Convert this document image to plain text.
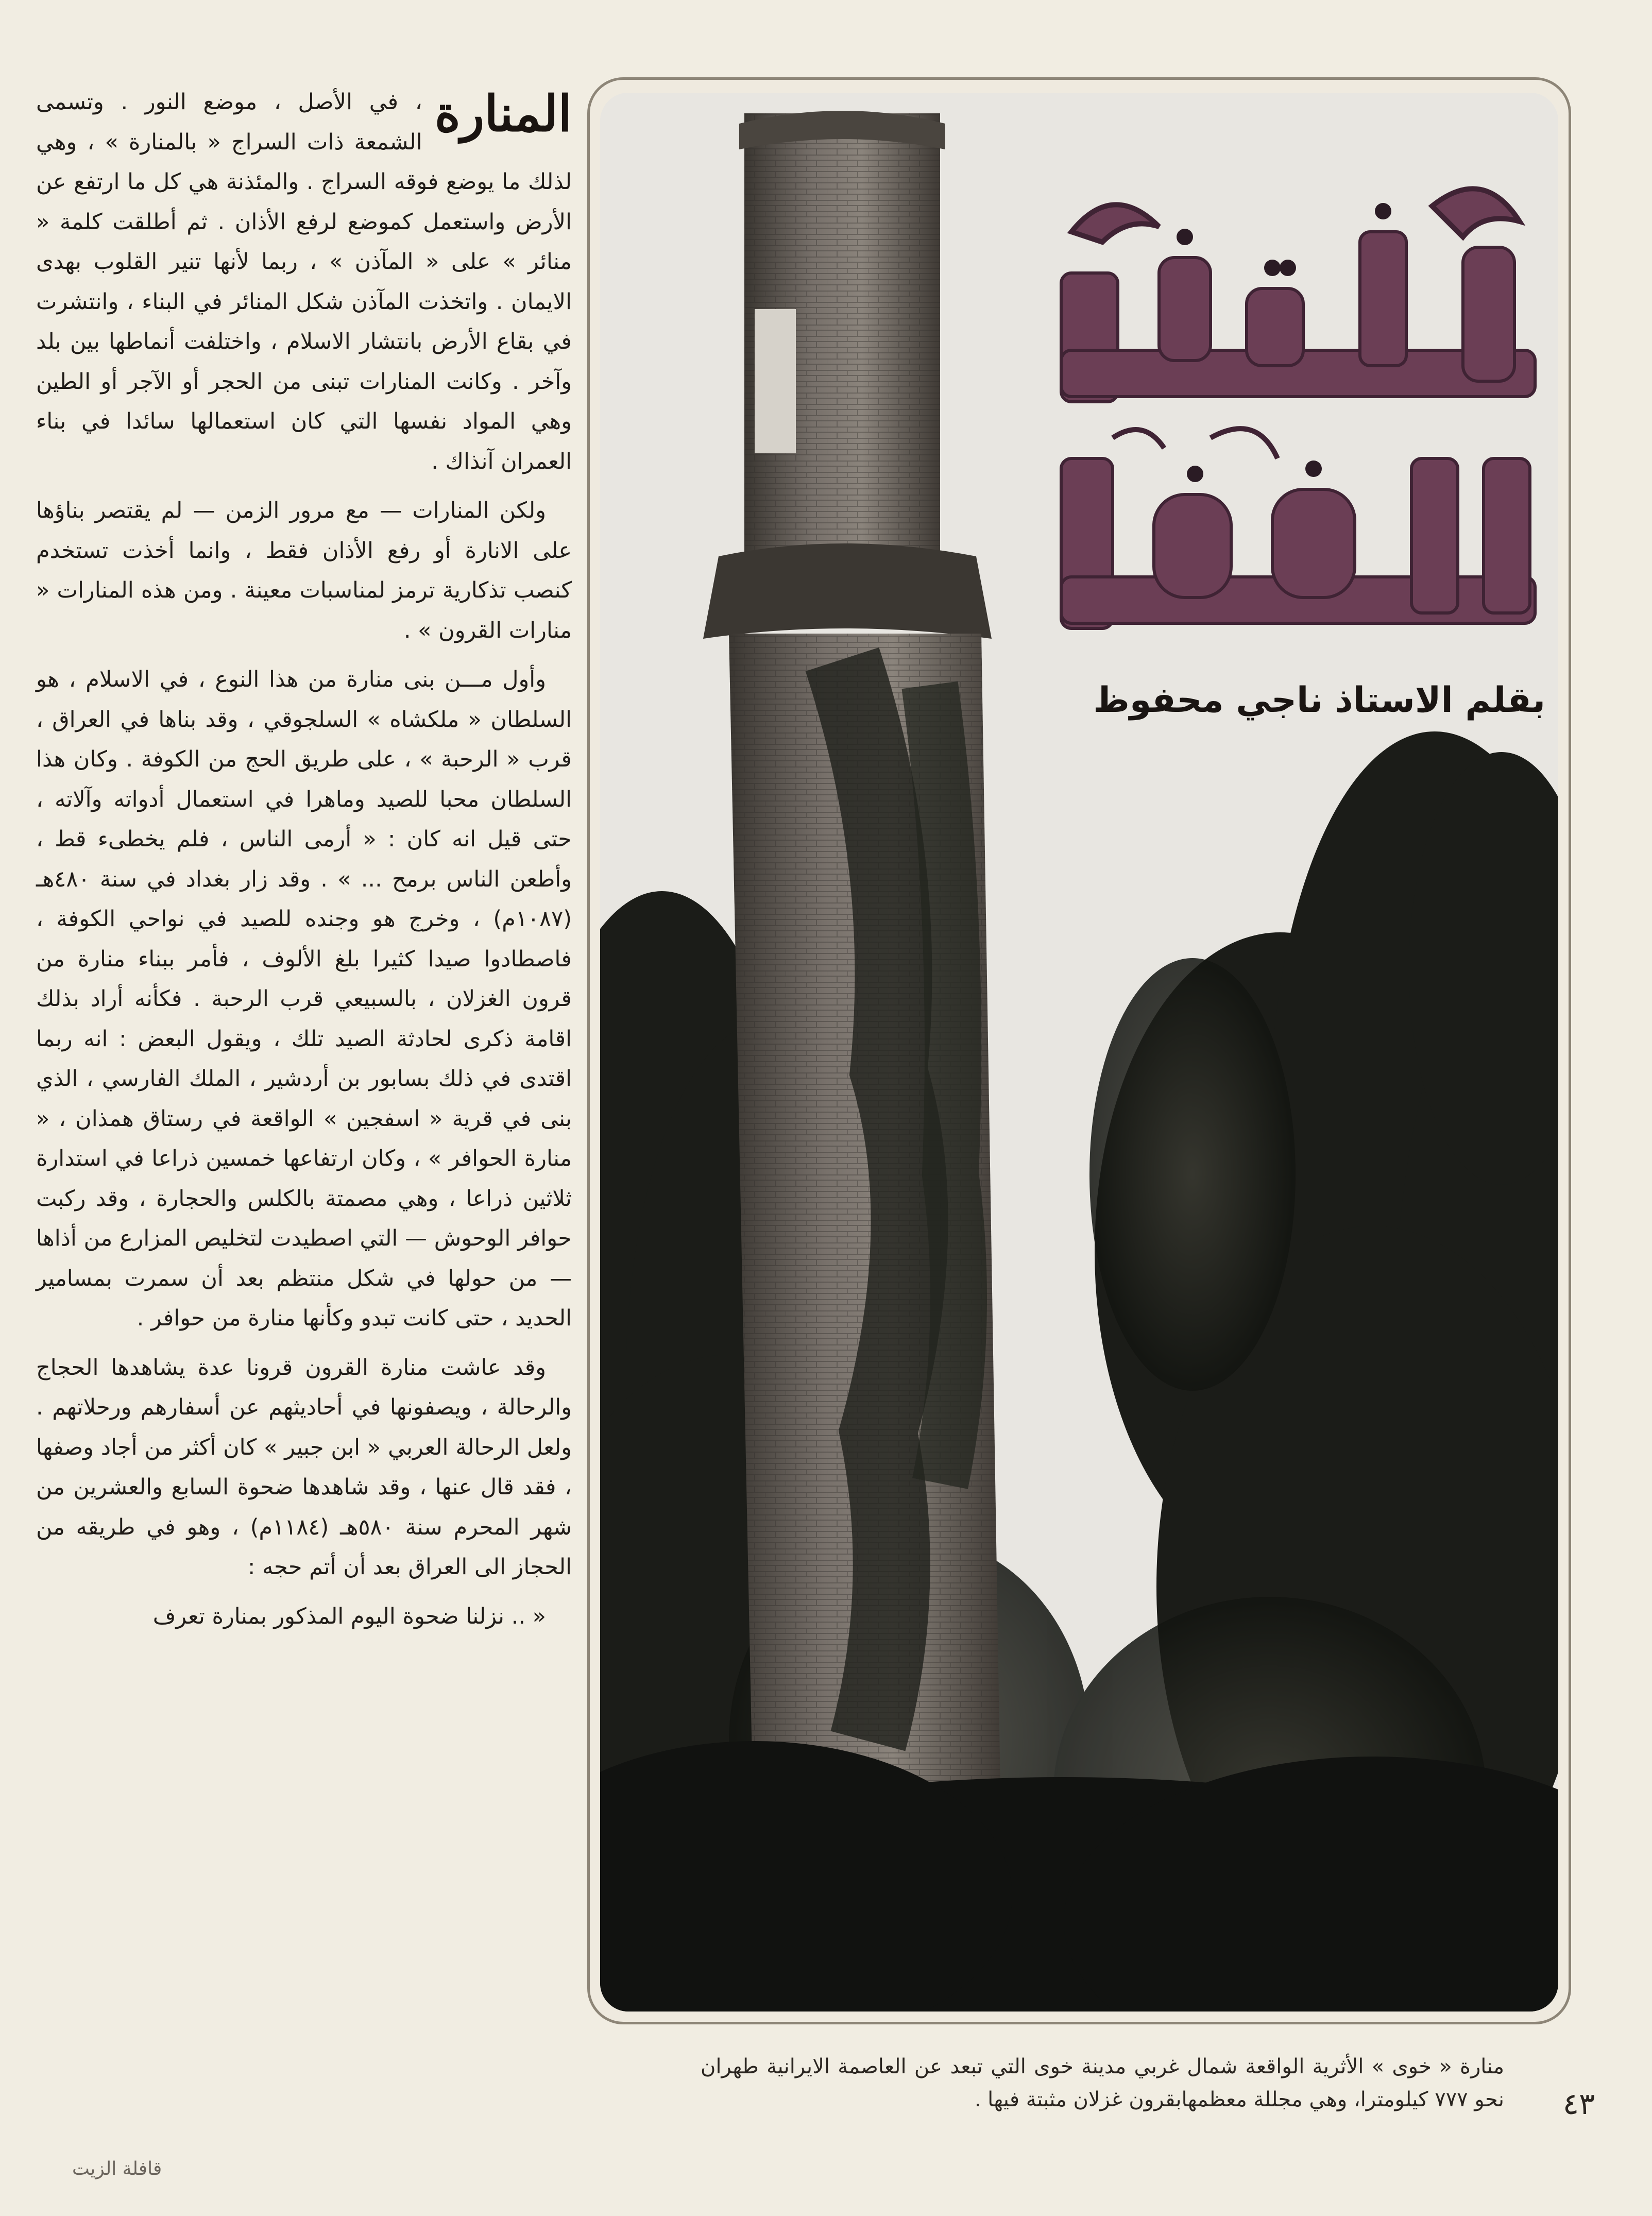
المنارة

، في الأصل ، موضع النور . وتسمى الشمعة ذات السراج « بالمنارة » ، وهي لذلك ما يوضع فوقه السراج . والمئذنة هي كل ما ارتفع عن الأرض واستعمل كموضع لرفع الأذان . ثم أطلقت كلمة « منائر » على « المآذن » ، ربما لأنها تنير القلوب بهدى الايمان . واتخذت المآذن شكل المنائر في البناء ، وانتشرت في بقاع الأرض بانتشار الاسلام ، واختلفت أنماطها بين بلد وآخر . وكانت المنارات تبنى من الحجر أو الآجر أو الطين وهي المواد نفسها التي كان استعمالها سائدا في بناء العمران آنذاك .

ولكن المنارات — مع مرور الزمن — لم يقتصر بناؤها على الانارة أو رفع الأذان فقط ، وانما أخذت تستخدم كنصب تذكارية ترمز لمناسبات معينة . ومن هذه المنارات « منارات القرون » .

وأول مـــن بنى منارة من هذا النوع ، في الاسلام ، هو السلطان « ملكشاه » السلجوقي ، وقد بناها في العراق ، قرب « الرحبة » ، على طريق الحج من الكوفة . وكان هذا السلطان محبا للصيد وماهرا في استعمال أدواته وآلاته ، حتى قيل انه كان : « أرمى الناس ، فلم يخطىء قط ، وأطعن الناس برمح ... » . وقد زار بغداد في سنة ٤٨٠هـ (١٠٨٧م) ، وخرج هو وجنده للصيد في نواحي الكوفة ، فاصطادوا صيدا كثيرا بلغ الألوف ، فأمر ببناء منارة من قرون الغزلان ، بالسبيعي قرب الرحبة . فكأنه أراد بذلك اقامة ذكرى لحادثة الصيد تلك ، ويقول البعض : انه ربما اقتدى في ذلك بسابور بن أردشير ، الملك الفارسي ، الذي بنى في قرية « اسفجين » الواقعة في رستاق همذان ، « منارة الحوافر » ، وكان ارتفاعها خمسين ذراعا في استدارة ثلاثين ذراعا ، وهي مصمتة بالكلس والحجارة ، وقد ركبت حوافر الوحوش — التي اصطيدت لتخليص المزارع من أذاها — من حولها في شكل منتظم بعد أن سمرت بمسامير الحديد ، حتى كانت تبدو وكأنها منارة من حوافر .

وقد عاشت منارة القرون قرونا عدة يشاهدها الحجاج والرحالة ، ويصفونها في أحاديثهم عن أسفارهم ورحلاتهم . ولعل الرحالة العربي « ابن جبير » كان أكثر من أجاد وصفها ، فقد قال عنها ، وقد شاهدها ضحوة السابع والعشرين من شهر المحرم سنة ٥٨٠هـ (١١٨٤م) ، وهو في طريقه من الحجاز الى العراق بعد أن أتم حجه :

« .. نزلنا ضحوة اليوم المذكور بمنارة تعرف

بقلم الاستاذ ناجي محفوظ
منارة « خوى » الأثرية الواقعة شمال غربي مدينة خوى التي تبعد عن العاصمة الايرانية طهران نحو ٧٧٧ كيلومترا، وهي مجللة معظمهابقرون غزلان مثبتة فيها .	٤٣
قافلة الزيت
